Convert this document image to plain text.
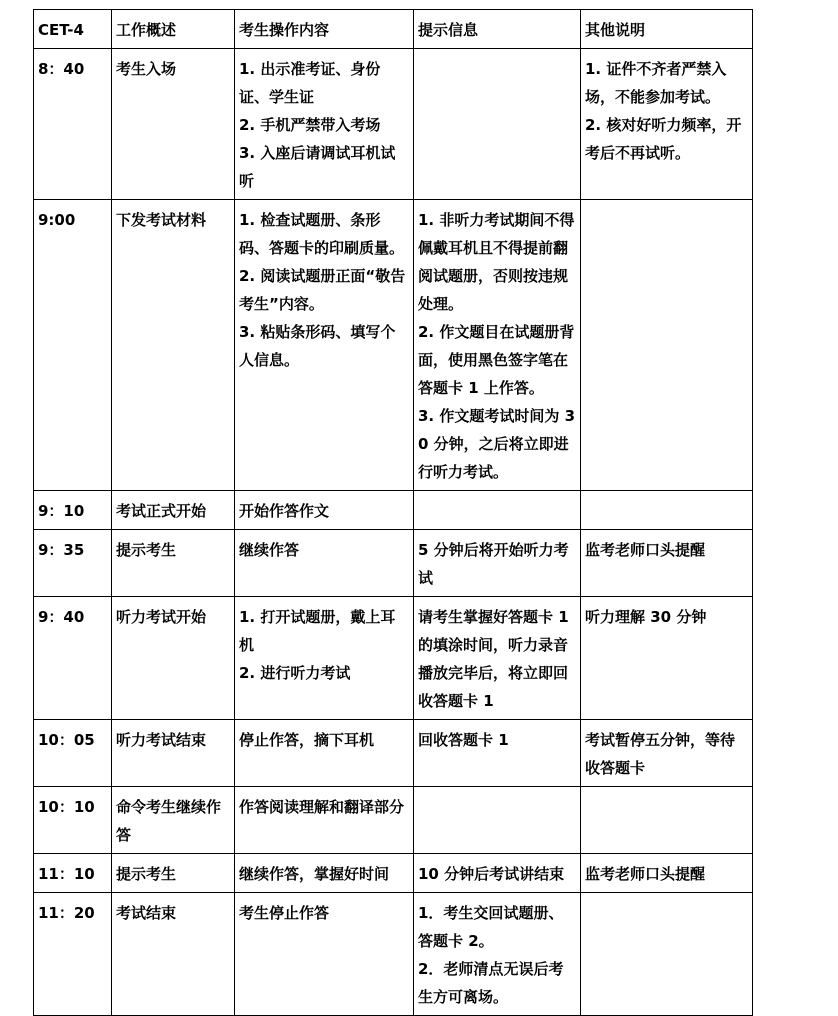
CET-4	工作概述	考生操作内容	提示信息	其他说明
8：40	考生入场	1. 出示准考证、身份证、学生证
2. 手机严禁带入考场
3. 入座后请调试耳机试听		1. 证件不齐者严禁入场，不能参加考试。
2. 核对好听力频率，开考后不再试听。

9:00	下发考试材料	1. 检查试题册、条形码、答题卡的印刷质量。
2. 阅读试题册正面“敬告考生”内容。
3. 粘贴条形码、填写个人信息。	1. 非听力考试期间不得佩戴耳机且不得提前翻阅试题册，否则按违规处理。
2. 作文题目在试题册背面，使用黑色签字笔在答题卡 1 上作答。
3. 作文题考试时间为 30 分钟，之后将立即进行听力考试。	

9：10	考试正式开始	开始作答作文		
9：35	提示考生	继续作答	5 分钟后将开始听力考试	监考老师口头提醒
9：40	听力考试开始	1. 打开试题册，戴上耳机
2. 进行听力考试	请考生掌握好答题卡 1 的填涂时间，听力录音播放完毕后，将立即回收答题卡 1	听力理解 30 分钟
10：05	听力考试结束	停止作答，摘下耳机	回收答题卡 1	考试暂停五分钟，等待收答题卡
10：10	命令考生继续作答	作答阅读理解和翻译部分		
11：10	提示考生	继续作答，掌握好时间	10 分钟后考试讲结束	监考老师口头提醒
11：20	考试结束	考生停止作答	1．考生交回试题册、答题卡 2。
2．老师清点无误后考生方可离场。	
